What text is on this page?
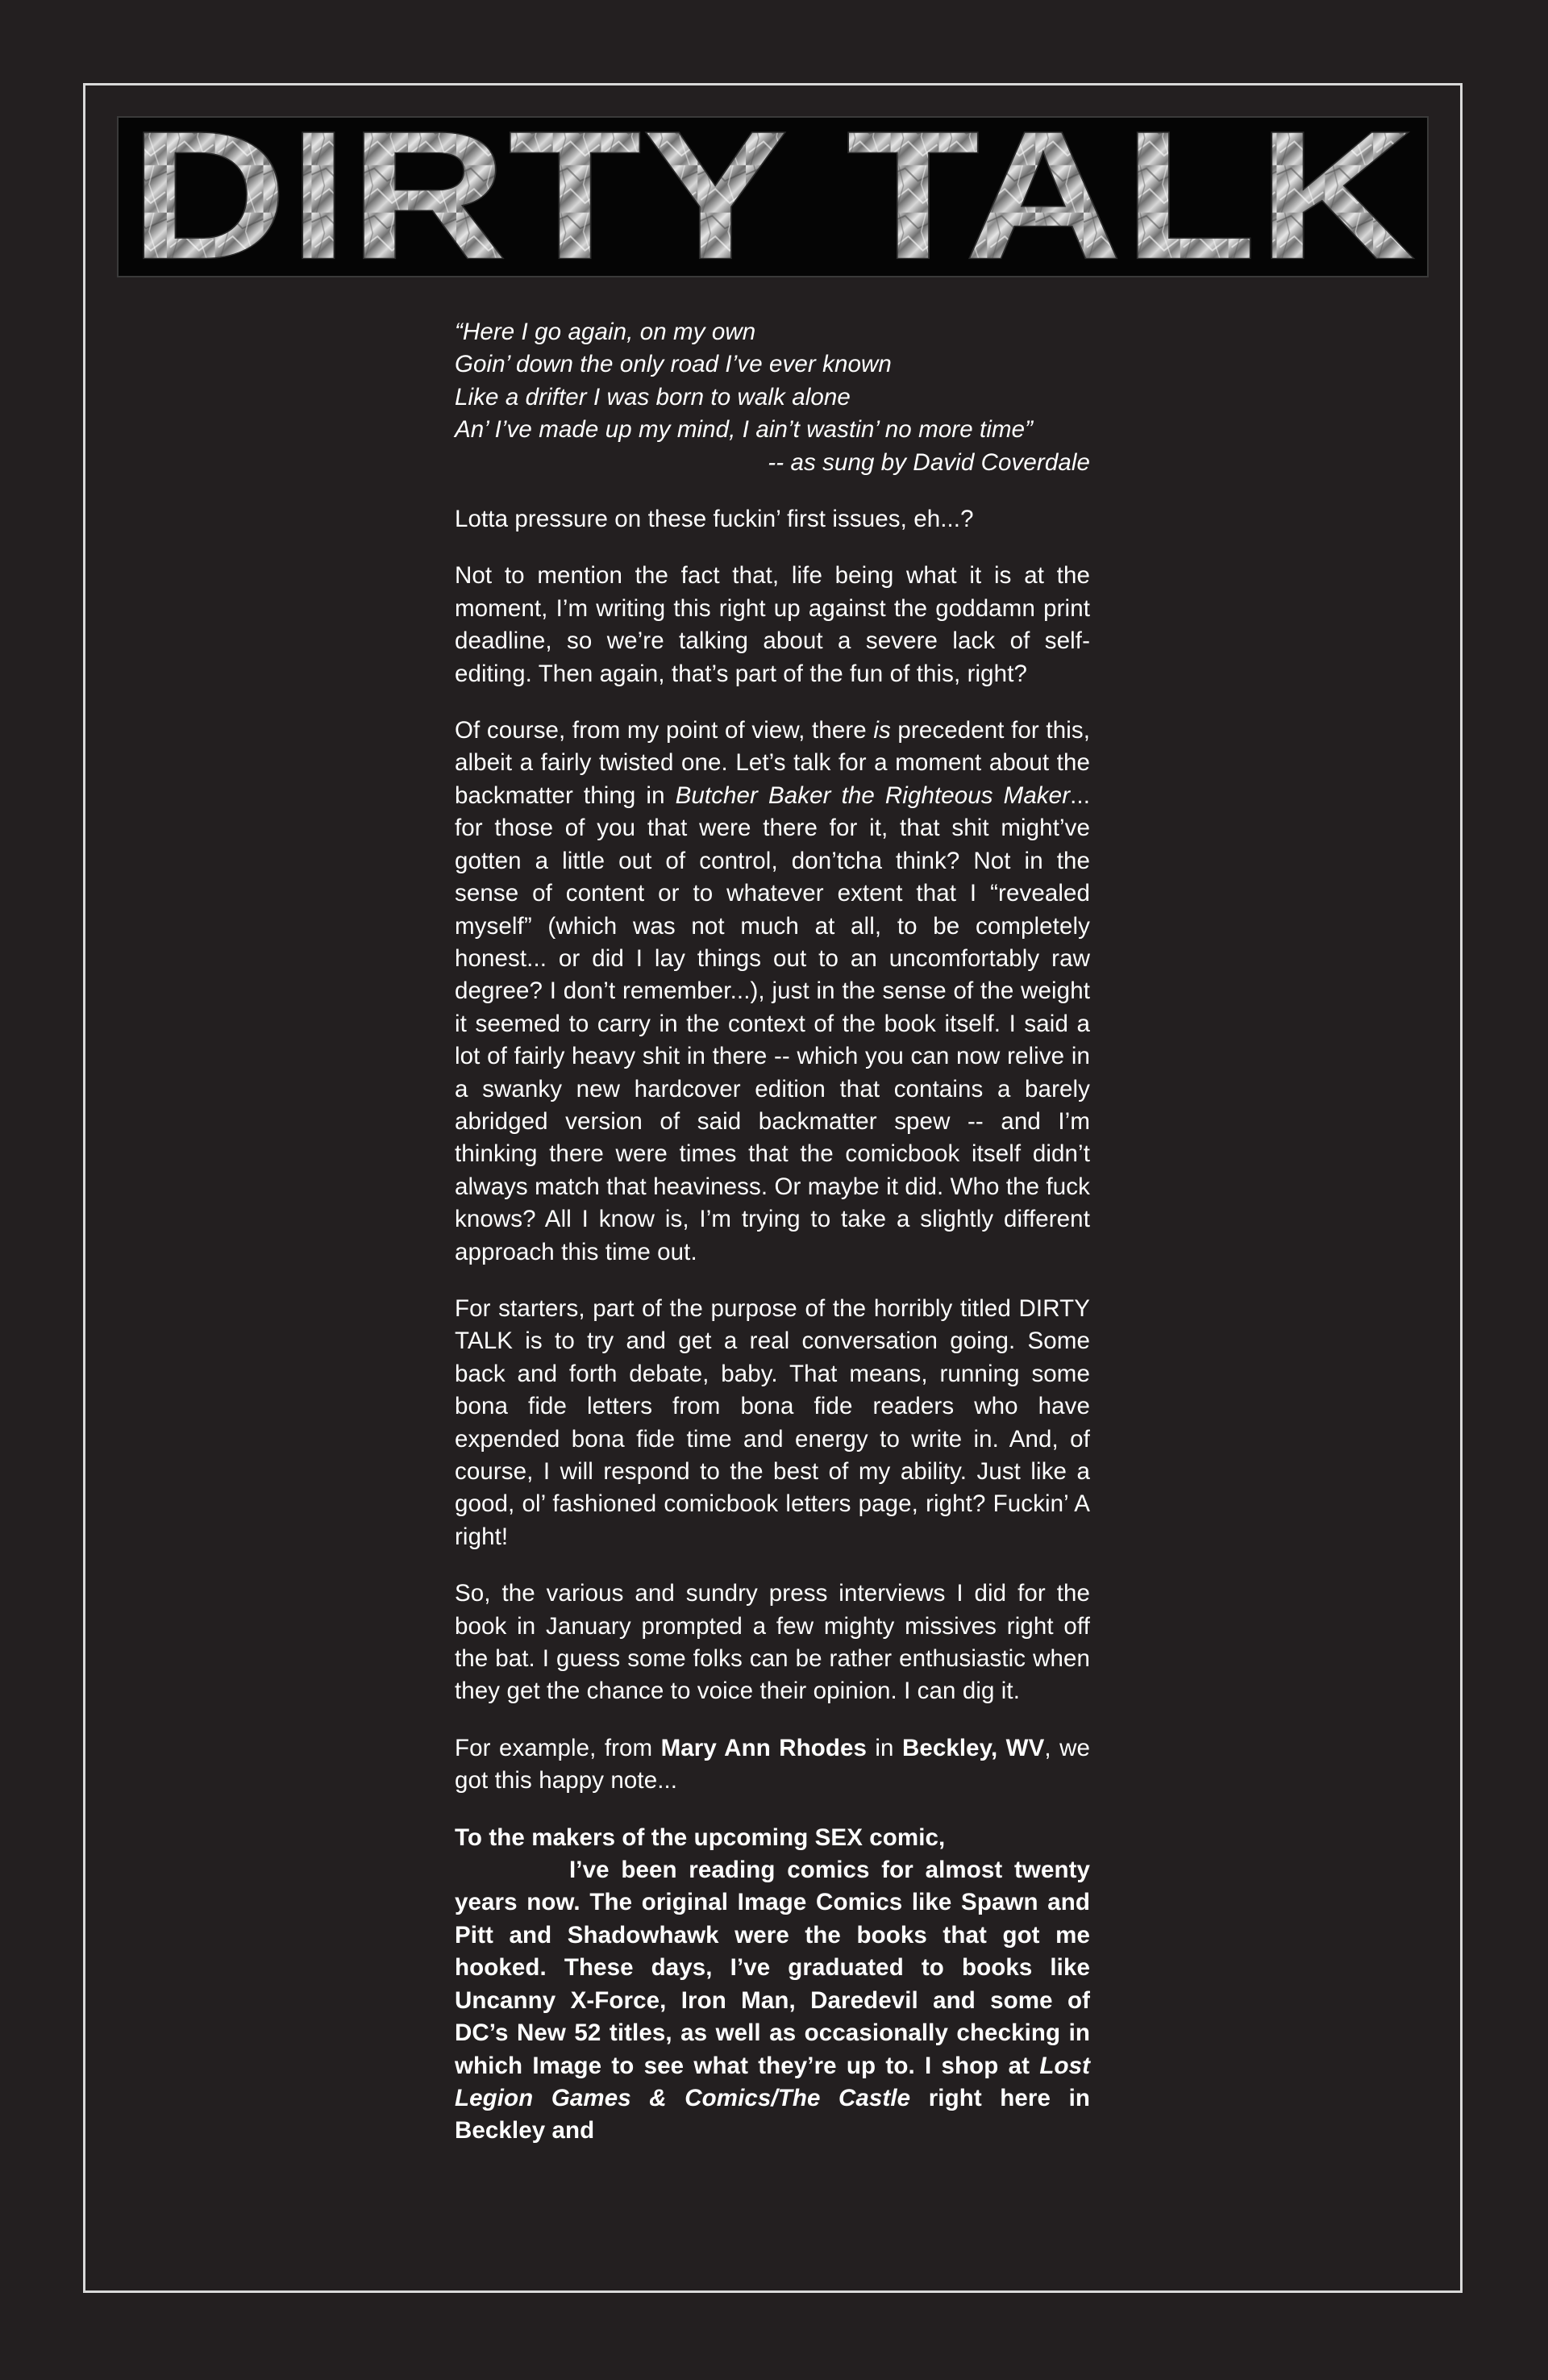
DIRTY TALK
“Here I go again, on my own
Goin’ down the only road I’ve ever known
Like a drifter I was born to walk alone
An’ I’ve made up my mind, I ain’t wastin’ no more time”
-- as sung by David Coverdale

Lotta pressure on these fuckin’ first issues, eh...?

Not to mention the fact that, life being what it is at the moment, I’m writing this right up against the goddamn print deadline, so we’re talking about a severe lack of self-editing. Then again, that’s part of the fun of this, right?

Of course, from my point of view, there is precedent for this, albeit a fairly twisted one. Let’s talk for a moment about the backmatter thing in Butcher Baker the Righteous Maker... for those of you that were there for it, that shit might’ve gotten a little out of control, don’tcha think? Not in the sense of content or to whatever extent that I “revealed myself” (which was not much at all, to be completely honest... or did I lay things out to an uncomfortably raw degree? I don’t remember...), just in the sense of the weight it seemed to carry in the context of the book itself. I said a lot of fairly heavy shit in there -- which you can now relive in a swanky new hardcover edition that contains a barely abridged version of said backmatter spew -- and I’m thinking there were times that the comicbook itself didn’t always match that heaviness. Or maybe it did. Who the fuck knows? All I know is, I’m trying to take a slightly different approach this time out.

For starters, part of the purpose of the horribly titled DIRTY TALK is to try and get a real conversation going. Some back and forth debate, baby. That means, running some bona fide letters from bona fide readers who have expended bona fide time and energy to write in. And, of course, I will respond to the best of my ability. Just like a good, ol’ fashioned comicbook letters page, right? Fuckin’ A right!

So, the various and sundry press interviews I did for the book in January prompted a few mighty missives right off the bat. I guess some folks can be rather enthusiastic when they get the chance to voice their opinion. I can dig it.

For example, from Mary Ann Rhodes in Beckley, WV, we got this happy note...

To the makers of the upcoming SEX comic,
I’ve been reading comics for almost twenty years now. The original Image Comics like Spawn and Pitt and Shadowhawk were the books that got me hooked. These days, I’ve graduated to books like Uncanny X-Force, Iron Man, Daredevil and some of DC’s New 52 titles, as well as occasionally checking in which Image to see what they’re up to. I shop at Lost Legion Games & Comics/The Castle right here in Beckley and
